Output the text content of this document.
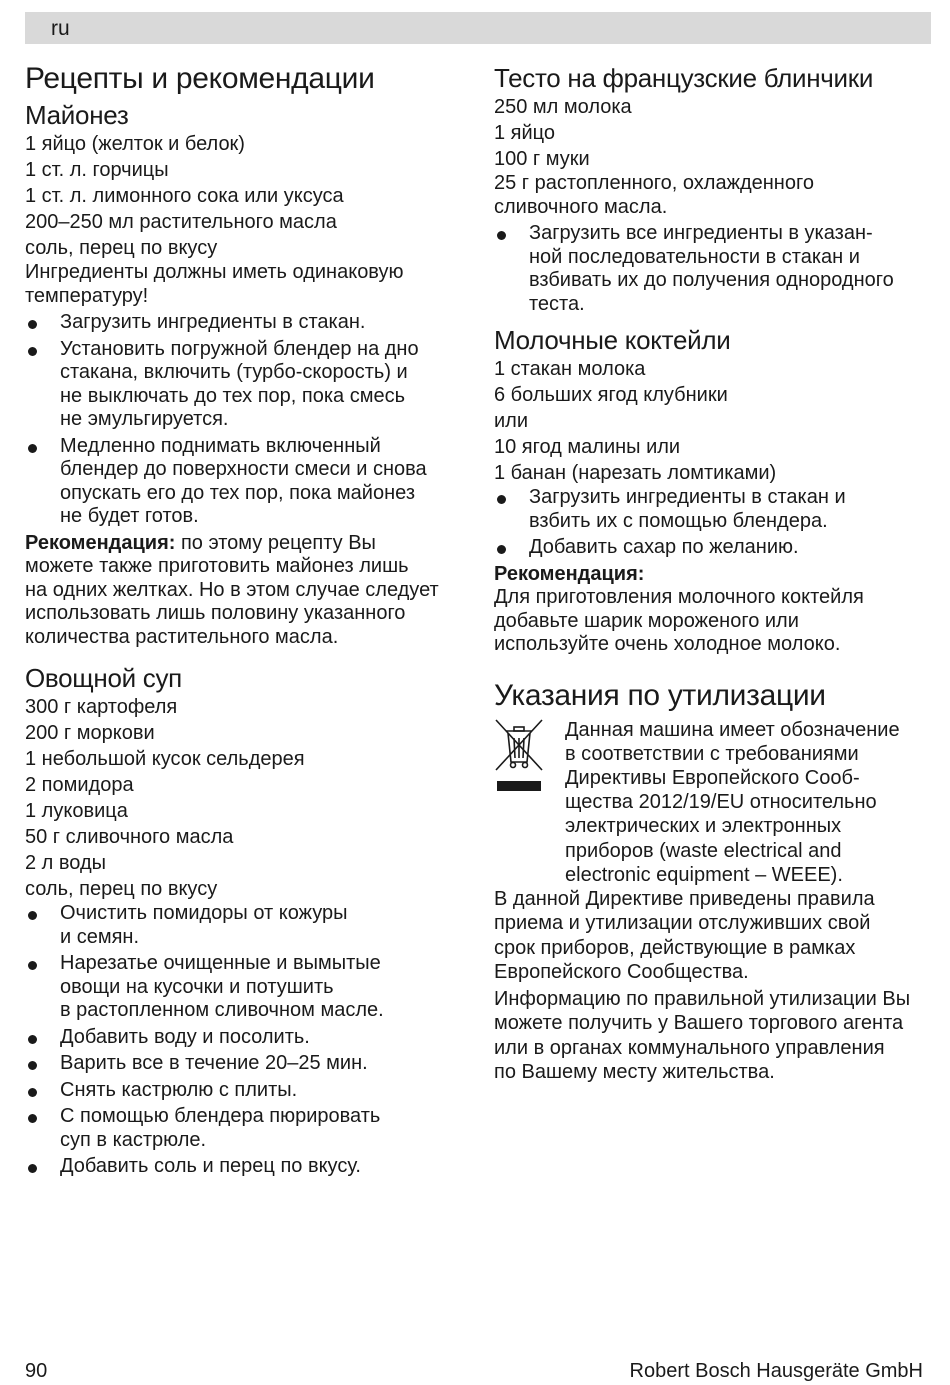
ru
Рецепты и рекомендации
Майонез
1 яйцо (желток и белок)
1 ст. л. горчицы
1 ст. л. лимонного сока или уксуса
200–250 мл растительного масла
соль, перец по вкусу
Ингредиенты должны иметь одинаковую
температуру!
Загрузить ингредиенты в стакан.
Установить погружной блендер на дно
стакана, включить (турбо-скорость) и
не выключать до тех пор, пока смесь
не эмульгируется.
Медленно поднимать включенный
блендер до поверхности смеси и снова
опускать его до тех пор, пока майонез
не будет готов.
Рекомендация: по этому рецепту Вы
можете также приготовить майонез лишь
на одних желтках. Но в этом случае следует
использовать лишь половину указанного
количества растительного масла.
Овощной суп
300 г картофеля
200 г моркови
1 небольшой кусок сельдерея
2 помидора
1 луковица
50 г сливочного масла
2 л воды
соль, перец по вкусу
Очистить помидоры от кожуры
и семян.
Нарезатье очищенные и вымытые
овощи на кусочки и потушить
в растопленном сливочном масле.
Добавить воду и посолить.
Варить все в течение 20–25 мин.
Снять кастрюлю с плиты.
С помощью блендера пюрировать
суп в кастрюле.
Добавить соль и перец по вкусу.
Тесто на французские блинчики
250 мл молока
1 яйцо
100 г муки
25 г растопленного, охлажденного
сливочного масла.
Загрузить все ингредиенты в указан-
ной последовательности в стакан и
взбивать их до получения однородного
теста.
Молочные коктейли
1 стакан молока
6 больших ягод клубники
или
10 ягод малины или
1 банан (нарезать ломтиками)
Загрузить ингредиенты в стакан и
взбить их с помощью блендера.
Добавить сахар по желанию.
Рекомендация:
Для приготовления молочного коктейля
добавьте шарик мороженого или
используйте очень холодное молоко.
Указания по утилизации
Данная машина имеет обозначение
в соответствии с требованиями
Директивы Европейского Сооб-
щества 2012/19/EU относительно
электрических и электронных
приборов (waste electrical and
electronic equipment – WEEE).
В данной Директиве приведены правила
приема и утилизации отслуживших свой
срок приборов, действующие в рамках
Европейского Сообщества.
Информацию по правильной утилизации Вы
можете получить у Вашего торгового агента
или в органах коммунального управления
по Вашему месту жительства.
90	Robert Bosch Hausgeräte GmbH
